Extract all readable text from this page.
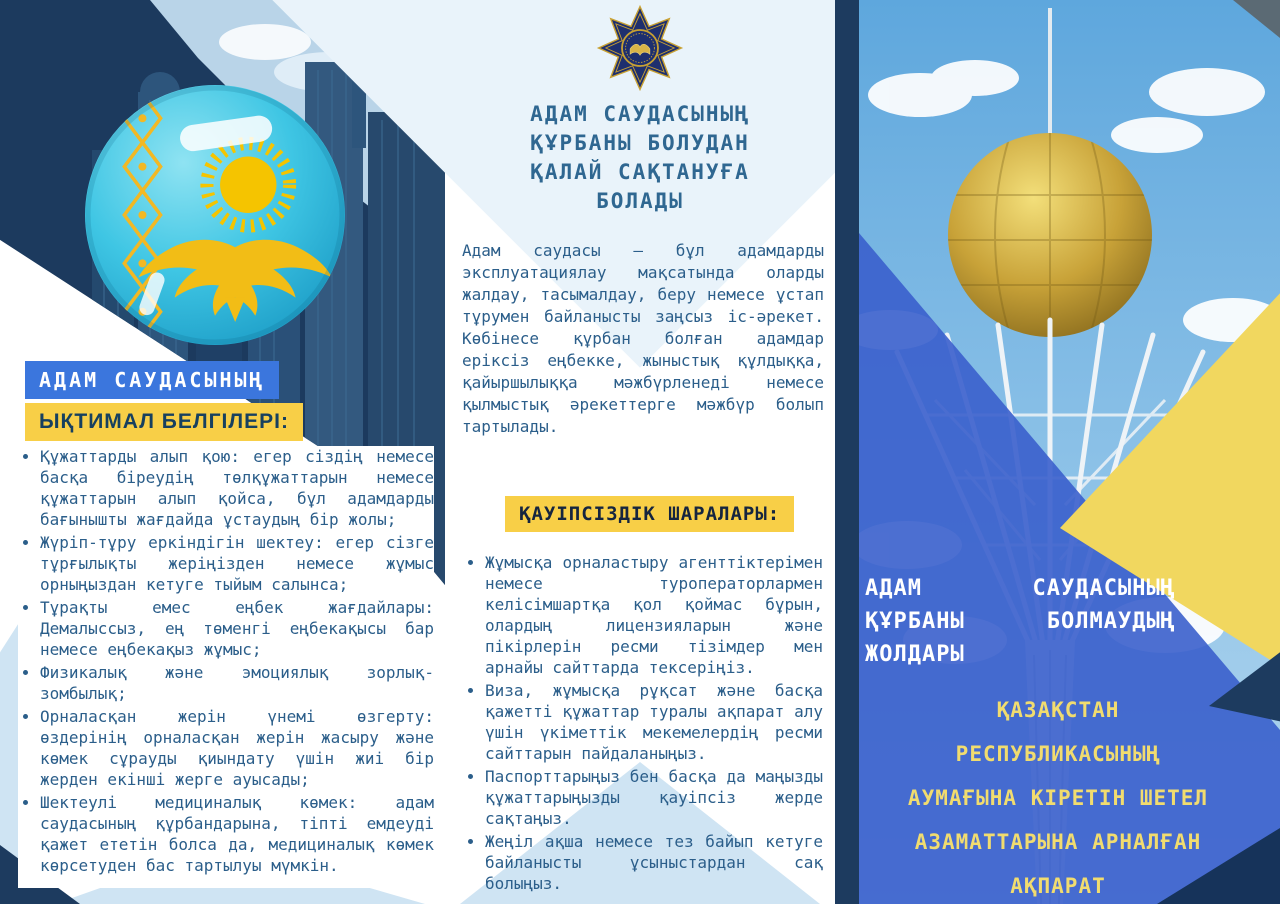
АДАМ САУДАСЫНЫҢ
ЫҚТИМАЛ БЕЛГІЛЕРІ:
• Құжаттарды алып қою: егер сіздің немесе басқа біреудің төлқұжаттарын немесе құжаттарын алып қойса, бұл адамдарды бағынышты жағдайда ұстаудың бір жолы;
• Жүріп-тұру еркіндігін шектеу: егер сізге тұрғылықты жеріңізден немесе жұмыс орныңыздан кетуге тыйым салынса;
• Тұрақты емес еңбек жағдайлары: Демалыссыз, ең төменгі еңбекақысы бар немесе еңбекақыз жұмыс;
• Физикалық және эмоциялық зорлық-зомбылық;
• Орналасқан жерін үнемі өзгерту: өздерінің орналасқан жерін жасыру және көмек сұрауды қиындату үшін жиі бір жерден екінші жерге ауысады;
• Шектеулі медициналық көмек: адам саудасының құрбандарына, тіпті емдеуді қажет ететін болса да, медициналық көмек көрсетуден бас тартылуы мүмкін.
АДАМ САУДАСЫНЫҢ
ҚҰРБАНЫ БОЛУДАН
ҚАЛАЙ САҚТАНУҒА
БОЛАДЫ
Адам саудасы — бұл адамдарды эксплуатациялау мақсатында оларды жалдау, тасымалдау, беру немесе ұстап тұрумен байланысты заңсыз іс-әрекет. Көбінесе құрбан болған адамдар еріксіз еңбекке, жыныстық құлдыққа, қайыршылыққа мәжбүрленеді немесе қылмыстық әрекеттерге мәжбүр болып тартылады.
ҚАУІПСІЗДІК ШАРАЛАРЫ:
• Жұмысқа орналастыру агенттіктерімен немесе туроператорлармен келісімшартқа қол қоймас бұрын, олардың лицензияларын және пікірлерін ресми тізімдер мен арнайы сайттарда тексеріңіз.
• Виза, жұмысқа рұқсат және басқа қажетті құжаттар туралы ақпарат алу үшін үкіметтік мекемелердің ресми сайттарын пайдаланыңыз.
• Паспорттарыңыз бен басқа да маңызды құжаттарыңызды қауіпсіз жерде сақтаңыз.
• Жеңіл ақша немесе тез байып кетуге байланысты ұсыныстардан сақ болыңыз.
АДАМ	САУДАСЫНЫҢ
ҚҰРБАНЫ	БОЛМАУДЫҢ
ЖОЛДАРЫ
ҚАЗАҚСТАН
РЕСПУБЛИКАСЫНЫҢ
АУМАҒЫНА КІРЕТІН ШЕТЕЛ
АЗАМАТТАРЫНА АРНАЛҒАН
АҚПАРАТ
